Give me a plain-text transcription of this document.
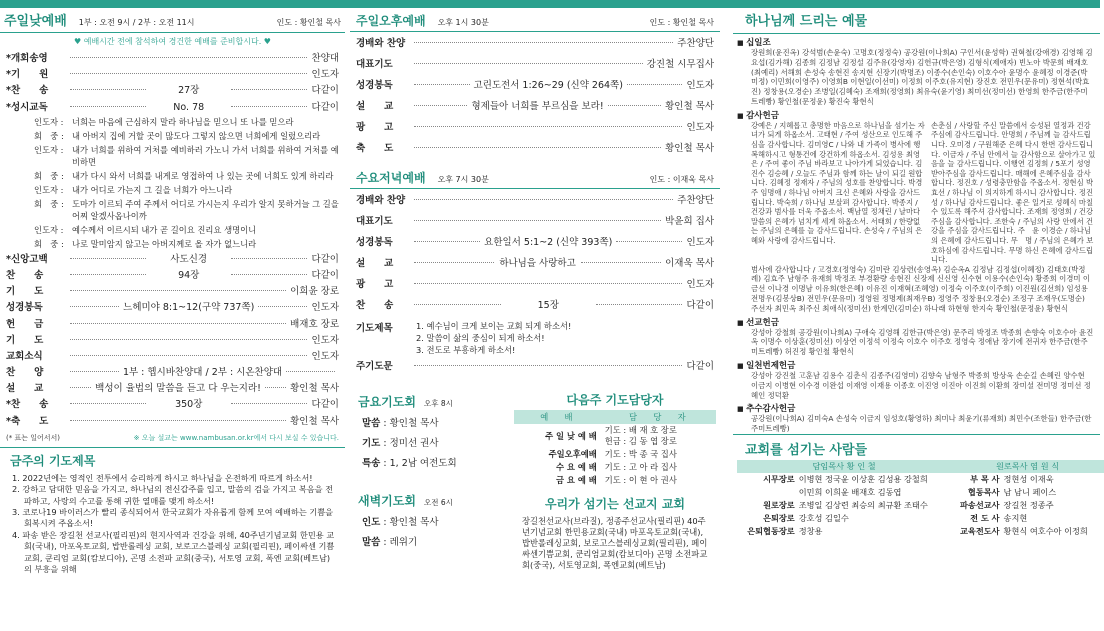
주일낮예배 1부 : 오전 9시 / 2부 : 오전 11시	인도 : 황인철 목사
♥ 예배시간 전에 참석하여 경건한 예배를 준비합시다. ♥
*개회송영	찬양대
*기　　원	인도자
*찬　　송	27장	다같이
*성시교독	No. 78	다같이
인도자 :	너희는 마음에 근심하지 말라 하나님을 믿으니 또 나를 믿으라
회　중 : 내 아버지 집에 거할 곳이 많도다 그렇지 않으면 너희에게 일렀으리라
인도자 :	내가 너희를 위하여 거처를 예비하러 가노니 가서 너희를 위하여 거처를 예비하면
회　중 : 내가 다시 와서 너희를 내게로 영접하여 나 있는 곳에 너희도 있게 하리라
인도자 :	내가 어디로 가는지 그 길을 너희가 아느니라
회　중 : 도마가 이르되 주여 주께서 어디로 가시는지 우리가 알지 못하거늘 그 길을 어찌 알겠사옵나이까
인도자 :	예수께서 이르시되 내가 곧 길이요 진리요 생명이니
회　중 : 나로 말미암지 않고는 아버지께로 올 자가 없느니라
*신앙고백	사도신경	다같이
찬　　송	94장	다같이
기　　도	이희윤 장로
성경봉독	느헤미야 8:1~12(구약 737쪽)	인도자
헌　　금	배재호 장로
기　　도	인도자
교회소식	인도자
찬　　양	1부 : 헵시바찬양대 / 2부 : 시온찬양대
설　　교	백성이 율법의 말씀을 듣고 다 우는지라!	황인철 목사
*찬　　송	350장	다같이
*축　　도	황인철 목사
(* 표는 일어서서)	※ 오늘 설교는 www.nambusan.or.kr에서 다시 보실 수 있습니다.
금주의 기도제목
1. 2022년에는 영적인 전투에서 승리하게 하시고 하나님을 온전하게 따르게 하소서!
2. 강하고 담대한 믿음을 가지고, 하나님의 전신갑주를 입고, 말씀의 검을 가지고 복음을 전파하고, 사랑의 수고를 통해 귀한 열매를 맺게 하소서!
3. 코로나19 바이러스가 빨리 종식되어서 한국교회가 자유롭게 함께 모여 예배하는 기쁨을 회복시켜 주옵소서!
4. 파송 받은 장길천 선교사(필리핀)의 현지사역과 건강을 위해, 40주년기념교회 한민용 교회(국내), 마포옥토교회, 밥반롤레싱 교회, 보로고스블레싱 교회(필리핀), 페이싸센 기쁨 교회, 쿤리엄 교회(캄보디아), 곤명 소전파 교회(중국), 서토영 교회, 폭엔 교회(베트남)의 부흥을 위해
주일오후예배 오후 1시 30분	인도 : 황인철 목사
경배와 찬양	주찬양단
대표기도	강진철 시무집사
성경봉독	고린도전서 1:26~29 (신약 264쪽)	인도자
설　　교	형제들아 너희를 부르심을 보라!	황인철 목사
광　　고	인도자
축　　도	황인철 목사
수요저녁예배 오후 7시 30분	인도 : 이재욱 목사
경배와 찬양	주찬양단
대표기도	박윤희 집사
성경봉독	요한일서 5:1~2 (신약 393쪽)	인도자
설　　교	하나님을 사랑하고	이재욱 목사
광　　고	인도자
찬　　송	15장	다같이
기도제목	1. 예수님이 크게 보이는 교회 되게 하소서!
2. 말씀이 삶의 중심이 되게 하소서!
3. 전도로 부흥하게 하소서!
주기도문	다같이
금요기도회 오후 8시
말씀 : 황인철 목사
기도 : 정미선 권사
특송 : 1, 2남 여전도회
새벽기도회 오전 6시
인도 : 황인철 목사
말씀 : 레위기
다음주 기도담당자
예　배	담　당　자
주 일 낮 예 배	기도 : 배 재 호 장로
헌금 : 김 동 엽 장로

주일오후예배	기도 : 박 종 국 집사

수 요 예 배	기도 : 고 아 라 집사

금 요 예 배	기도 : 이 현 아 권사
우리가 섬기는 선교지 교회
장길천선교사(브라질), 정종주선교사(필리핀) 40주년기념교회 한민용교회(국내) 마포옥토교회(국내), 밥반롤레싱교회, 보로고스블레싱교회(필리핀), 페이싸센기쁨교회, 쿤리엄교회(캄보디아) 곤명 소전파교회(중국), 서토영교회, 폭엔교회(베트남)
하나님께 드리는 예물
■ 십일조
장원희(윤진옥) 강석범(손윤숙) 고명호(정정숙) 공강원(이나희A) 구인서(윤성학) 권혁철(강애경) 김영해 김요섭(김가해) 김종희 김정남 김정설 김주유(강영자) 김헌규(박은영) 김형식(제애자) 빈노아 박문희 배재호(최예리) 서해희 손성숙 송현진 송지현 신장기(박명조) 이종수(손인숙) 이호수아 윤명수 윤혜정 이경준(박미정) 이민희(이영주) 이영희B 이현일(이선미) 이정희 이주호(유지현) 장진호 전민우(문유미) 정현석(박효진) 정창용(오경순) 조병일(김혜숙) 조재희(정영희) 최유숙(윤기영) 최미선(정미선) 한영희 한주금(한주미트레빵) 황인철(문정윤) 황진숙 황현식
■ 감사헌금
강예은 / 지혜롭고 총명한 마음으로 하나님을 섬기는 자녀가 되게 하옵소서. 고태현 / 주여 성산으로 인도해 주심을 감사합니다. 김미영C / 나와 내 가족이 병사에 행복해하시고 형통건에 강건하게 하옵소서. 김성용 최영은 / 주여 좋이 주님 바라보고 나아가게 되었습니다. 김진수 김승혜 / 오늘도 주님과 함께 하는 날이 되길 원합니다. 김혜정 정재자 / 주님의 성호를 찬양합니다. 박경주 임명애 / 하나님 아버지 크신 은혜와 사랑을 감사드립니다. 박숙희 / 하나님 보살펴 감사합니다. 박종지 / 건강과 범사를 더욱 주옵소서. 백남열 정채린 / 날마다 말씀의 은혜가 넘치게 세게 하옵소서. 서태희 / 한량없는 주님의 은혜를 늘 감사드립니다. 손성숙 / 주님의 은혜와 사랑에 감사드립니다.
손춘심 / 사랑할 주신 말씀에서 승성된 열정과 건강주심에 감사드립니다. 안명희 / 주님께 늘 감사드립니다. 오미경 / 구원해준 은혜 다시 한번 감사드립니다. 이금자 / 주님 안에서 늘 감사함으로 살아가고 있음을 늘 감사드립니다. 이행연 김정희 / 5포기 성영 받아주심을 감사드립니다. 매해에 은혜주심을 감사합니다. 정진호 / 성령충만함을 주옵소서. 정현심 박효선 / 하나님 이 의지하게 하시니 감사합니다. 정진성 / 하나님 감사드립니다. 좋은 일거로 성혜식 마칠 수 있도록 해주셔 감사합니다. 조재희 정영희 / 건강주심을 감사합니다. 조한숙 / 주님의 사랑 안에서 건강을 주심을 감사드립니다. 주　윤 이경순 / 하나님의 은혜에 감사드립니다. 무　명 / 주님의 은혜가 보호하심에 감사드립니다. 무명 하신 은혜에 감사드립니다.
범사에 감사합니다 / 고경호(정영숙) 김미란 김상련(송영옥) 김순옥A 김정남 김정섭(이혜정) 김태호(박정례) 김효주 남형주 유재희 박정조 부경환량 송현진 신장제 신신영 신수현 이용수(손인숙) 황종희 이경미 이금선 이나경 이명남 이유희(한은혜) 이유진 이재혁(조혜영) 이정숙 이주호(이주희) 이진원(김선희) 임성용 전명우(김봉상B) 전민우(문유미) 정영원 정명제(최재우B) 정영주 정창용(오경순) 조정구 조재우(도명순) 주선자 최민옥 최주신 최애식(정미선) 한계민(김미순) 하나래 하현형 한지숙 황인철(문정윤) 황현식
■ 선교헌금
강성아 강철희 공강원(이나희A) 구애숙 김영해 김한규(박은영) 문주리 박정조 박종희 손향숙 이호수아 윤진옥 이명수 이상훈(정미선) 이상연 이정석 이정숙 이호수 이주호 정영숙 정애남 장기에 전귀자 한주금(한주미트레빵) 허진정 황인철 황현식
■ 일천번제헌금
강성아 강진철 고훈남 김용수 김춘식 김종주(김영미) 김향숙 남형주 박종희 방상욱 손순길 손혜린 양수현 이금지 이병현 이수경 이완섭 이재영 이재용 이종호 이진영 이진아 이진희 이환희 장미셜 전미명 정미선 정혜인 정덕환
■ 추수감사헌금
공강원(이나희A) 김미숙A 손성숙 이금지 임성호(황영하) 최미나 최윤기(류재희) 최민수(조한들) 한주금(한주미트레빵)
교회를 섬기는 사람들
담임목사 황 인 철		원로목사 염 원 식	
시무장로	이병현 정국윤 이상훈 김성용 강철희	부 목 사	정현성 이재욱
	이민희 이희윤 배재호 김동엽	협동목사	남 남니 페이스
원로장로	조병일 김상련 최승의 최규환 조태수	파송선교사	장길천 정종주
은퇴장로	강호성 김일수	전 도 사	송지현
은퇴협동장로	정창용	교육전도사	황현식 여호수아 이정희
